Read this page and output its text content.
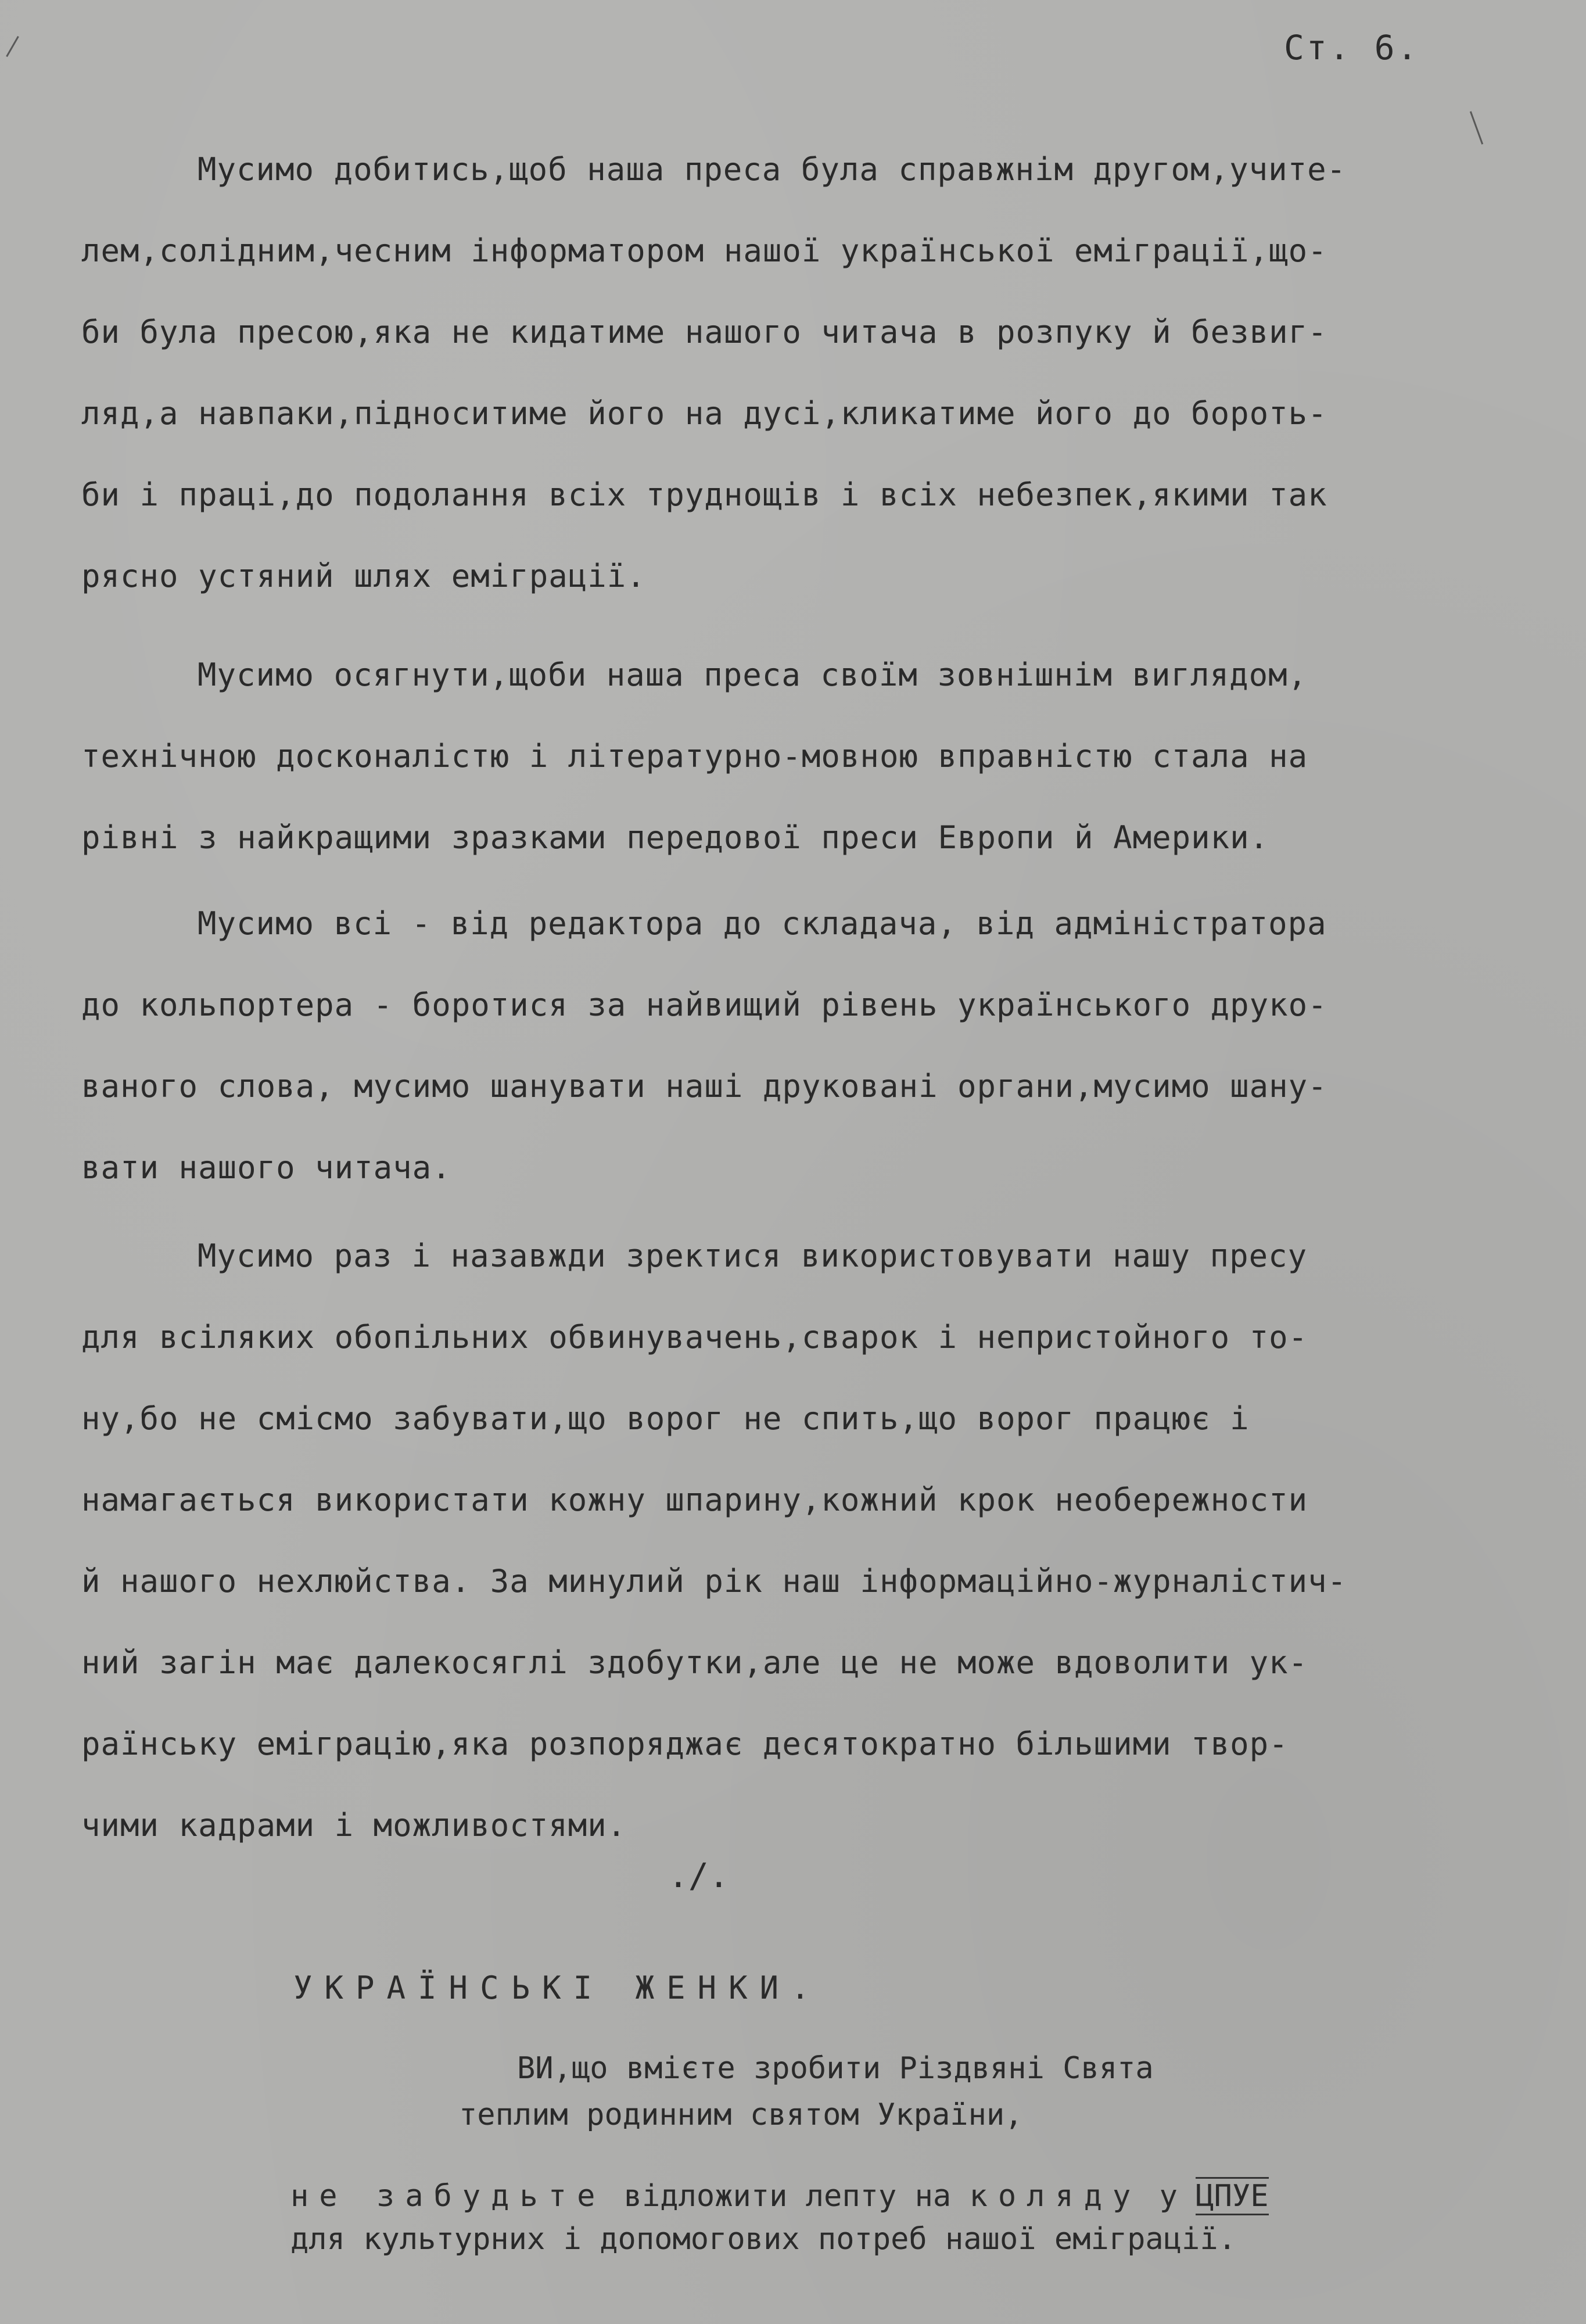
Ст. 6.
Мусимо добитись,щоб наша преса була справжнім другом,учите-
лем,солідним,чесним інформатором нашої української еміграції,що-
би була пресою,яка не кидатиме нашого читача в розпуку й безвиг-
ляд,а навпаки,підноситиме його на дусі,кликатиме його до бороть-
би і праці,до подолання всіх труднощів і всіх небезпек,якими так
рясно устяний шлях еміграції.
Мусимо осягнути,щоби наша преса своїм зовнішнім виглядом,
технічною досконалістю і літературно-мовною вправністю стала на
рівні з найкращими зразками передової преси Европи й Америки.
Мусимо всі - від редактора до складача, від адміністратора
до кольпортера - боротися за найвищий рівень українського друко-
ваного слова, мусимо шанувати наші друковані органи,мусимо шану-
вати нашого читача.
Мусимо раз і назавжди зректися використовувати нашу пресу
для всіляких обопільних обвинувачень,сварок і непристойного то-
ну,бо не смісмо забувати,що ворог не спить,що ворог працює і
намагається використати кожну шпарину,кожний крок необережности
й нашого нехлюйства. За минулий рік наш інформаційно-журналістич-
ний загін має далекосяглі здобутки,але це не може вдоволити ук-
раїнську еміграцію,яка розпоряджає десятократно більшими твор-
чими кадрами і можливостями.
./.
УКРАЇНСЬКІ ЖЕНКИ.
ВИ,що вмієте зробити Різдвяні Свята
теплим родинним святом України,
не забудьте відложити лепту на коляду у ЦПУЕ
для культурних і допомогових потреб нашої еміграції.
